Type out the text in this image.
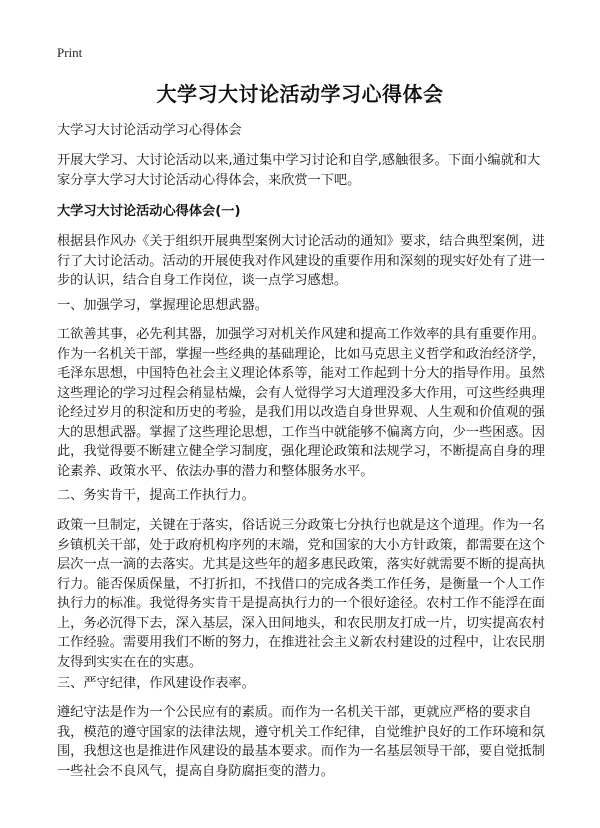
Print
大学习大讨论活动学习心得体会
大学习大讨论活动学习心得体会
开展大学习、大讨论活动以来,通过集中学习讨论和自学,感触很多。下面小编就和大家分享大学习大讨论活动心得体会，来欣赏一下吧。
大学习大讨论活动心得体会(一)
根据县作风办《关于组织开展典型案例大讨论活动的通知》要求，结合典型案例，进行了大讨论活动。活动的开展使我对作风建设的重要作用和深刻的现实好处有了进一步的认识，结合自身工作岗位，谈一点学习感想。
一、加强学习，掌握理论思想武器。
工欲善其事，必先利其器，加强学习对机关作风建和提高工作效率的具有重要作用。作为一名机关干部，掌握一些经典的基础理论，比如马克思主义哲学和政治经济学，毛泽东思想，中国特色社会主义理论体系等，能对工作起到十分大的指导作用。虽然这些理论的学习过程会稍显枯燥，会有人觉得学习大道理没多大作用，可这些经典理论经过岁月的积淀和历史的考验，是我们用以改造自身世界观、人生观和价值观的强大的思想武器。掌握了这些理论思想，工作当中就能够不偏离方向，少一些困惑。因此，我觉得要不断建立健全学习制度，强化理论政策和法规学习，不断提高自身的理论素养、政策水平、依法办事的潜力和整体服务水平。
二、务实肯干，提高工作执行力。
政策一旦制定，关键在于落实，俗话说三分政策七分执行也就是这个道理。作为一名乡镇机关干部，处于政府机构序列的末端，党和国家的大小方针政策，都需要在这个层次一点一滴的去落实。尤其是这些年的超多惠民政策，落实好就需要不断的提高执行力。能否保质保量，不打折扣，不找借口的完成各类工作任务，是衡量一个人工作执行力的标准。我觉得务实肯干是提高执行力的一个很好途径。农村工作不能浮在面上，务必沉得下去，深入基层，深入田间地头，和农民朋友打成一片，切实提高农村工作经验。需要用我们不断的努力，在推进社会主义新农村建设的过程中，让农民朋友得到实实在在的实惠。
三、严守纪律，作风建设作表率。
遵纪守法是作为一个公民应有的素质。而作为一名机关干部，更就应严格的要求自我，模范的遵守国家的法律法规，遵守机关工作纪律，自觉维护良好的工作环境和氛围，我想这也是推进作风建设的最基本要求。而作为一名基层领导干部，要自觉抵制一些社会不良风气，提高自身防腐拒变的潜力。
